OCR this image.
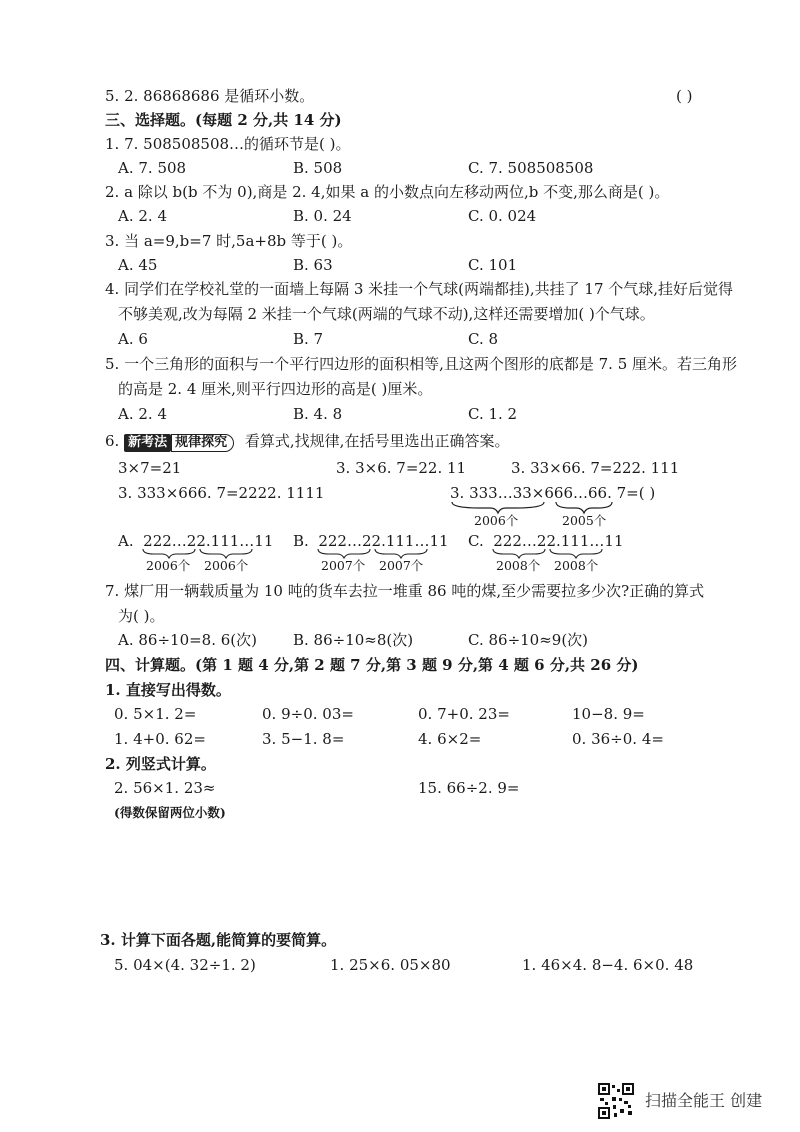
5. 2. 86868686 是循环小数。	( )
三、选择题。(每题 2 分,共 14 分)
1. 7. 508508508…的循环节是( )。
A. 7. 508	B. 508	C. 7. 508508508
2. a 除以 b(b 不为 0),商是 2. 4,如果 a 的小数点向左移动两位,b 不变,那么商是( )。
A. 2. 4	B. 0. 24	C. 0. 024
3. 当 a=9,b=7 时,5a+8b 等于( )。
A. 45	B. 63	C. 101
4. 同学们在学校礼堂的一面墙上每隔 3 米挂一个气球(两端都挂),共挂了 17 个气球,挂好后觉得
不够美观,改为每隔 2 米挂一个气球(两端的气球不动),这样还需要增加( )个气球。
A. 6	B. 7	C. 8
5. 一个三角形的面积与一个平行四边形的面积相等,且这两个图形的底都是 7. 5 厘米。若三角形
的高是 2. 4 厘米,则平行四边形的高是( )厘米。
A. 2. 4	B. 4. 8	C. 1. 2
6. 新考法 规律探究 看算式,找规律,在括号里选出正确答案。
3×7=21	3. 3×6. 7=22. 11	3. 33×66. 7=222. 111
3. 333×666. 7=2222. 1111	3. 333…33×666…66. 7=( )
2006个	2005个
A. 222…22.111…11
2006个 2006个
B. 222…22.111…11
2007个 2007个
C. 222…22.111…11
2008个 2008个
7. 煤厂用一辆载质量为 10 吨的货车去拉一堆重 86 吨的煤,至少需要拉多少次?正确的算式
为( )。
A. 86÷10=8. 6(次) B. 86÷10≈8(次)	C. 86÷10≈9(次)
四、计算题。(第 1 题 4 分,第 2 题 7 分,第 3 题 9 分,第 4 题 6 分,共 26 分)
1. 直接写出得数。
0. 5×1. 2=	0. 9÷0. 03=	0. 7+0. 23=	10−8. 9=
1. 4+0. 62=	3. 5−1. 8=	4. 6×2=	0. 36÷0. 4=
2. 列竖式计算。
2. 56×1. 23≈	15. 66÷2. 9=
(得数保留两位小数)
3. 计算下面各题,能简算的要简算。
5. 04×(4. 32÷1. 2)	1. 25×6. 05×80	1. 46×4. 8−4. 6×0. 48
扫描全能王 创建
